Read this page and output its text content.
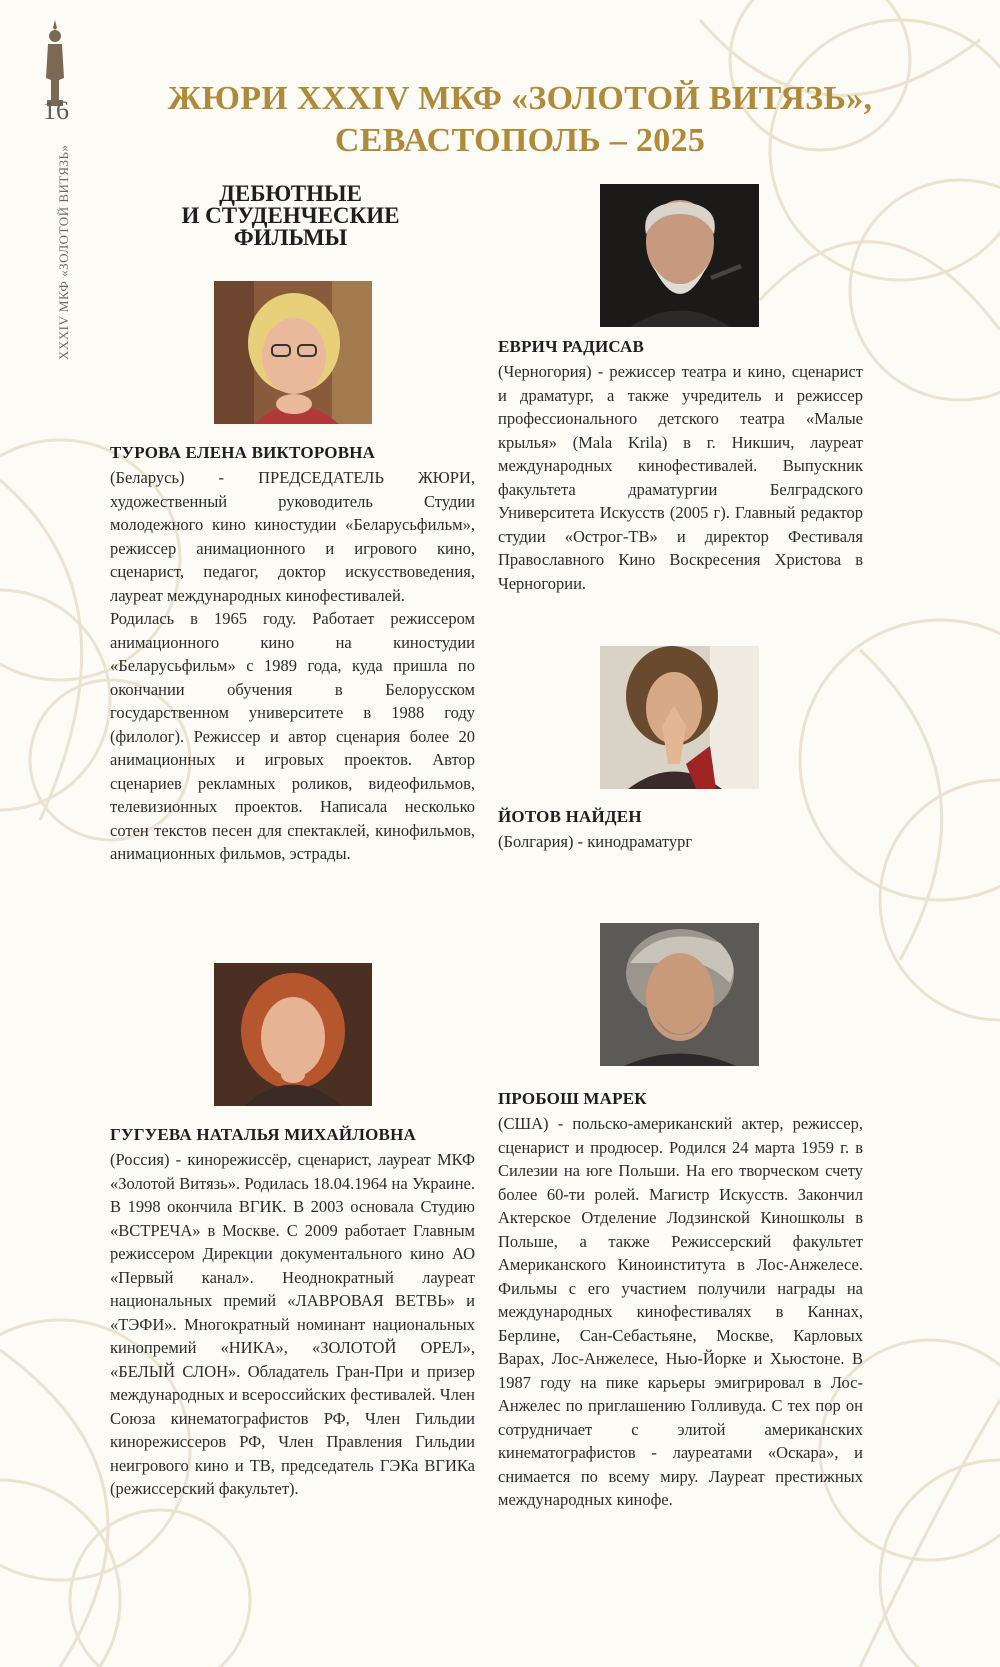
16
XXXIV МКФ «ЗОЛОТОЙ ВИТЯЗЬ»
ЖЮРИ XXXIV МКФ «ЗОЛОТОЙ ВИТЯЗЬ»,
СЕВАСТОПОЛЬ – 2025
ДЕБЮТНЫЕ
И СТУДЕНЧЕСКИЕ
ФИЛЬМЫ
ТУРОВА ЕЛЕНА ВИКТОРОВНА

(Беларусь) - ПРЕДСЕДАТЕЛЬ ЖЮРИ, художественный руководитель Студии молодежного кино киностудии «Беларусьфильм», режиссер анимационного и игрового кино, сценарист, педагог, доктор искусствоведения, лауреат международных кинофестивалей.

Родилась в 1965 году. Работает режиссером анимационного кино на киностудии «Беларусьфильм» с 1989 года, куда пришла по окончании обучения в Белорусском государственном университете в 1988 году (филолог). Режиссер и автор сценария более 20 анимационных и игровых проектов. Автор сценариев рекламных роликов, видеофильмов, телевизионных проектов. Написала несколько сотен текстов песен для спектаклей, кинофильмов, анимационных фильмов, эстрады.

ГУГУЕВА НАТАЛЬЯ МИХАЙЛОВНА

(Россия) - кинорежиссёр, сценарист, лауреат МКФ «Золотой Витязь». Родилась 18.04.1964 на Украине. В 1998 окончила ВГИК. В 2003 основала Студию «ВСТРЕЧА» в Москве. С 2009 работает Главным режиссером Дирекции документального кино АО «Первый канал». Неоднократный лауреат национальных премий «ЛАВРОВАЯ ВЕТВЬ» и «ТЭФИ». Многократный номинант национальных кинопремий «НИКА», «ЗОЛОТОЙ ОРЕЛ», «БЕЛЫЙ СЛОН». Обладатель Гран-При и призер международных и всероссийских фестивалей. Член Союза кинематографистов РФ, Член Гильдии кинорежиссеров РФ, Член Правления Гильдии неигрового кино и ТВ, председатель ГЭКа ВГИКа (режиссерский факультет).

ЕВРИЧ РАДИСАВ

(Черногория) - режиссер театра и кино, сценарист и драматург, а также учредитель и режиссер профессионального детского театра «Малые крылья» (Mala Krila) в г. Никшич, лауреат международных кинофестивалей. Выпускник факультета драматургии Белградского Университета Искусств (2005 г). Главный редактор студии «Острог-ТВ» и директор Фестиваля Православного Кино Воскресения Христова в Черногории.

ЙОТОВ НАЙДЕН

(Болгария) - кинодраматург

ПРОБОШ МАРЕК

(США) - польско-американский актер, режиссер, сценарист и продюсер. Родился 24 марта 1959 г. в Силезии на юге Польши. На его творческом счету более 60-ти ролей. Магистр Искусств. Закончил Актерское Отделение Лодзинской Киношколы в Польше, а также Режиссерский факультет Американского Киноинститута в Лос-Анжелесе. Фильмы с его участием получили награды на международных кинофестивалях в Каннах, Берлине, Сан-Себастьяне, Москве, Карловых Варах, Лос-Анжелесе, Нью-Йорке и Хьюстоне. В 1987 году на пике карьеры эмигрировал в Лос-Анжелес по приглашению Голливуда. С тех пор он сотрудничает с элитой американских кинематографистов - лауреатами «Оскара», и снимается по всему миру. Лауреат престижных международных кинофе.
